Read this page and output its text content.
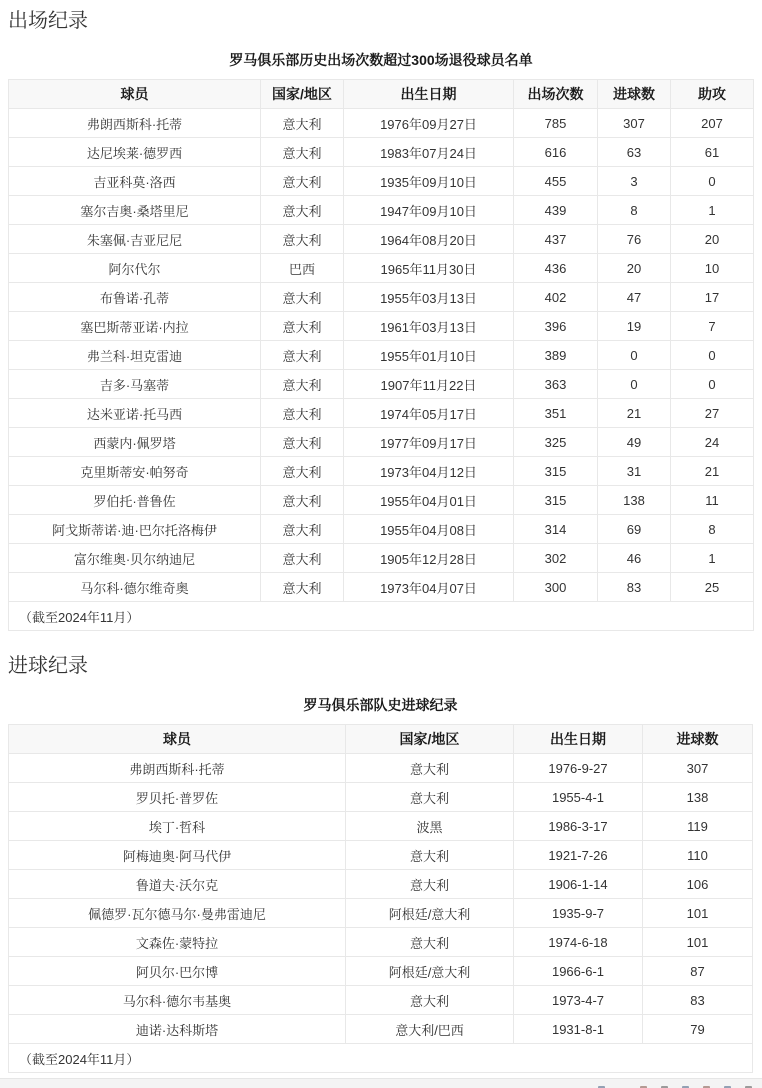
出场纪录
罗马俱乐部历史出场次数超过300场退役球员名单
球员	国家/地区	出生日期	出场次数	进球数	助攻
弗朗西斯科·托蒂	意大利	1976年09月27日	785	307	207
达尼埃莱·德罗西	意大利	1983年07月24日	616	63	61
吉亚科莫·洛西	意大利	1935年09月10日	455	3	0
塞尔吉奥·桑塔里尼	意大利	1947年09月10日	439	8	1
朱塞佩·吉亚尼尼	意大利	1964年08月20日	437	76	20
阿尔代尔	巴西	1965年11月30日	436	20	10
布鲁诺·孔蒂	意大利	1955年03月13日	402	47	17
塞巴斯蒂亚诺·内拉	意大利	1961年03月13日	396	19	7
弗兰科·坦克雷迪	意大利	1955年01月10日	389	0	0
吉多·马塞蒂	意大利	1907年11月22日	363	0	0
达米亚诺·托马西	意大利	1974年05月17日	351	21	27
西蒙内·佩罗塔	意大利	1977年09月17日	325	49	24
克里斯蒂安·帕努奇	意大利	1973年04月12日	315	31	21
罗伯托·普鲁佐	意大利	1955年04月01日	315	138	11
阿戈斯蒂诺·迪·巴尔托洛梅伊	意大利	1955年04月08日	314	69	8
富尔维奥·贝尔纳迪尼	意大利	1905年12月28日	302	46	1
马尔科·德尔维奇奥	意大利	1973年04月07日	300	83	25
（截至2024年11月）					
进球纪录
罗马俱乐部队史进球纪录
球员	国家/地区	出生日期	进球数
弗朗西斯科·托蒂	意大利	1976-9-27	307
罗贝托·普罗佐	意大利	1955-4-1	138
埃丁·哲科	波黑	1986-3-17	119
阿梅迪奥·阿马代伊	意大利	1921-7-26	110
鲁道夫·沃尔克	意大利	1906-1-14	106
佩德罗·瓦尔德马尔·曼弗雷迪尼	阿根廷/意大利	1935-9-7	101
文森佐·蒙特拉	意大利	1974-6-18	101
阿贝尔·巴尔博	阿根廷/意大利	1966-6-1	87
马尔科·德尔韦基奥	意大利	1973-4-7	83
迪诺·达科斯塔	意大利/巴西	1931-8-1	79
（截至2024年11月）			
